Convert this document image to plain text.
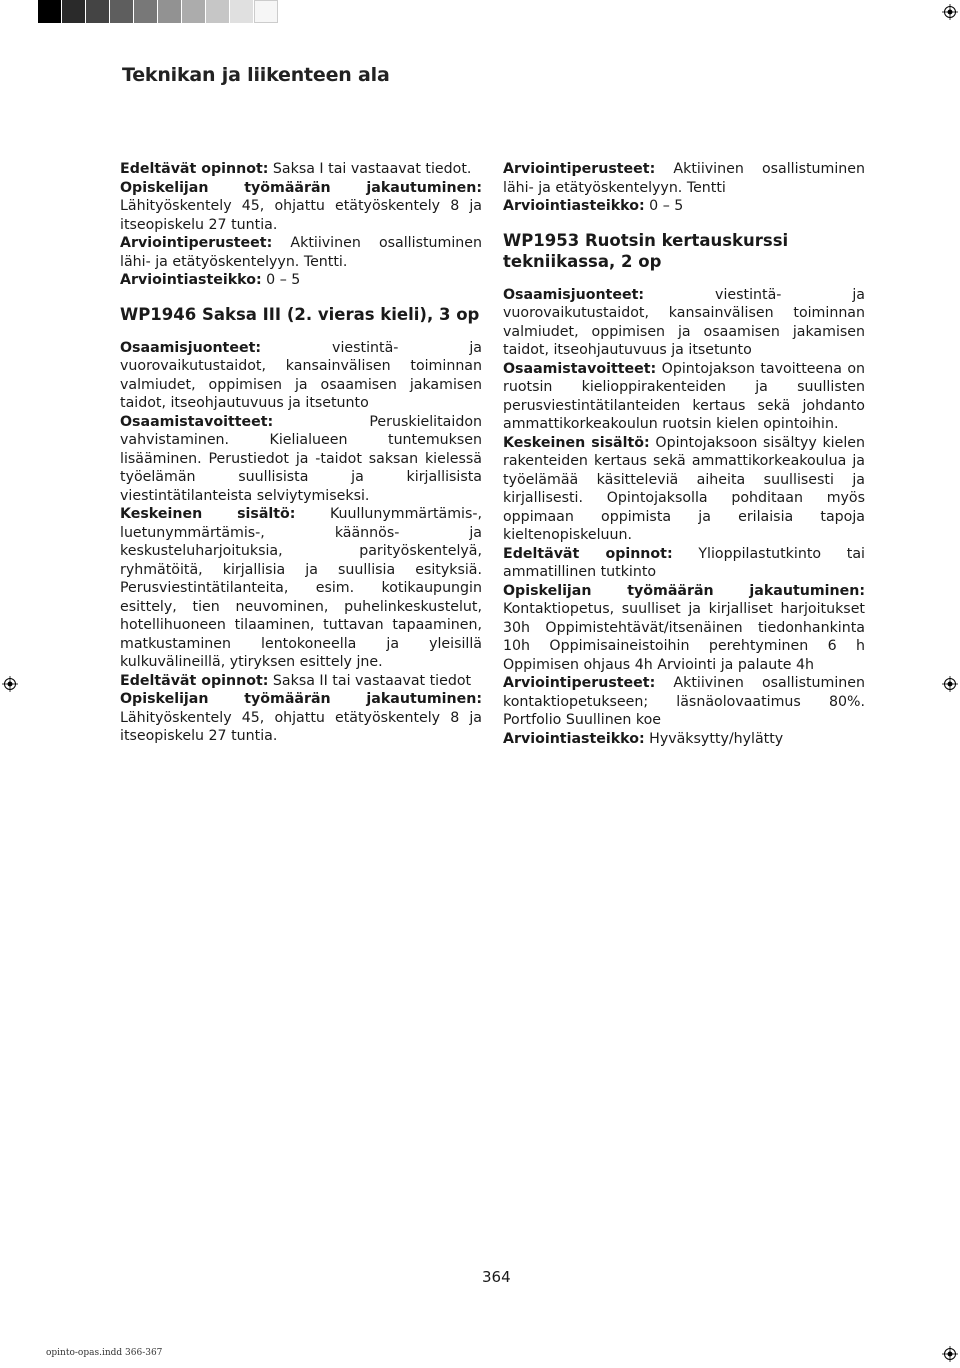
Teknikan ja liikenteen ala

Edeltävät opinnot: Saksa I tai vastaavat tiedot.

Opiskelijan työmäärän jakautuminen: Lähityöskentely 45, ohjattu etätyöskentely 8 ja itseopiskelu 27 tuntia.

Arviointiperusteet: Aktiivinen osallistuminen lähi- ja etätyöskentelyyn. Tentti.

Arviointiasteikko: 0 – 5

WP1946 Saksa III (2. vieras kieli), 3 op

Osaamisjuonteet:	viestintä- ja vuorovaikutustaidot, kansainvälisen toiminnan valmiudet, oppimisen ja osaamisen jakamisen taidot, itseohjautuvuus ja itsetunto

Osaamistavoitteet:	Peruskielitaidon vahvistaminen. Kielialueen tuntemuksen lisääminen. Perustiedot ja -taidot saksan kielessä työelämän suullisista ja kirjallisista viestintätilanteista selviytymiseksi.

Keskeinen sisältö: Kuullunymmärtämis-, luetunymmärtämis-, käännös- ja keskusteluharjoituksia, parityöskentelyä, ryhmätöitä, kirjallisia ja suullisia esityksiä. Perusviestintätilanteita, esim. kotikaupungin esittely, tien neuvominen, puhelinkeskustelut, hotellihuoneen tilaaminen, tuttavan tapaaminen, matkustaminen lentokoneella ja yleisillä kulkuvälineillä, ytiryksen esittely jne.

Edeltävät opinnot: Saksa II tai vastaavat tiedot

Opiskelijan työmäärän jakautuminen: Lähityöskentely 45, ohjattu etätyöskentely 8 ja itseopiskelu 27 tuntia.

Arviointiperusteet: Aktiivinen osallistuminen lähi- ja etätyöskentelyyn. Tentti

Arviointiasteikko: 0 – 5

WP1953 Ruotsin kertauskurssi tekniikassa, 2 op

Osaamisjuonteet:	viestintä- ja vuorovaikutustaidot, kansainvälisen toiminnan valmiudet, oppimisen ja osaamisen jakamisen taidot, itseohjautuvuus ja itsetunto

Osaamistavoitteet: Opintojakson tavoitteena on ruotsin kielioppirakenteiden ja suullisten perusviestintätilanteiden kertaus sekä johdanto ammattikorkeakoulun ruotsin kielen opintoihin.

Keskeinen sisältö: Opintojaksoon sisältyy kielen rakenteiden kertaus sekä ammattikorkeakoulua ja työelämää käsitteleviä aiheita suullisesti ja kirjallisesti. Opintojaksolla pohditaan myös oppimaan oppimista ja erilaisia tapoja kieltenopiskeluun.

Edeltävät opinnot: Ylioppilastutkinto tai ammatillinen tutkinto

Opiskelijan työmäärän jakautuminen: Kontaktiopetus, suulliset ja kirjalliset harjoitukset 30h Oppimistehtävät/itsenäinen tiedonhankinta 10h Oppimisaineistoihin perehtyminen 6 h Oppimisen ohjaus 4h Arviointi ja palaute 4h

Arviointiperusteet: Aktiivinen osallistuminen kontaktiopetukseen; läsnäolovaatimus 80%. Portfolio Suullinen koe

Arviointiasteikko: Hyväksytty/hylätty

364
opinto-opas.indd 366-367
